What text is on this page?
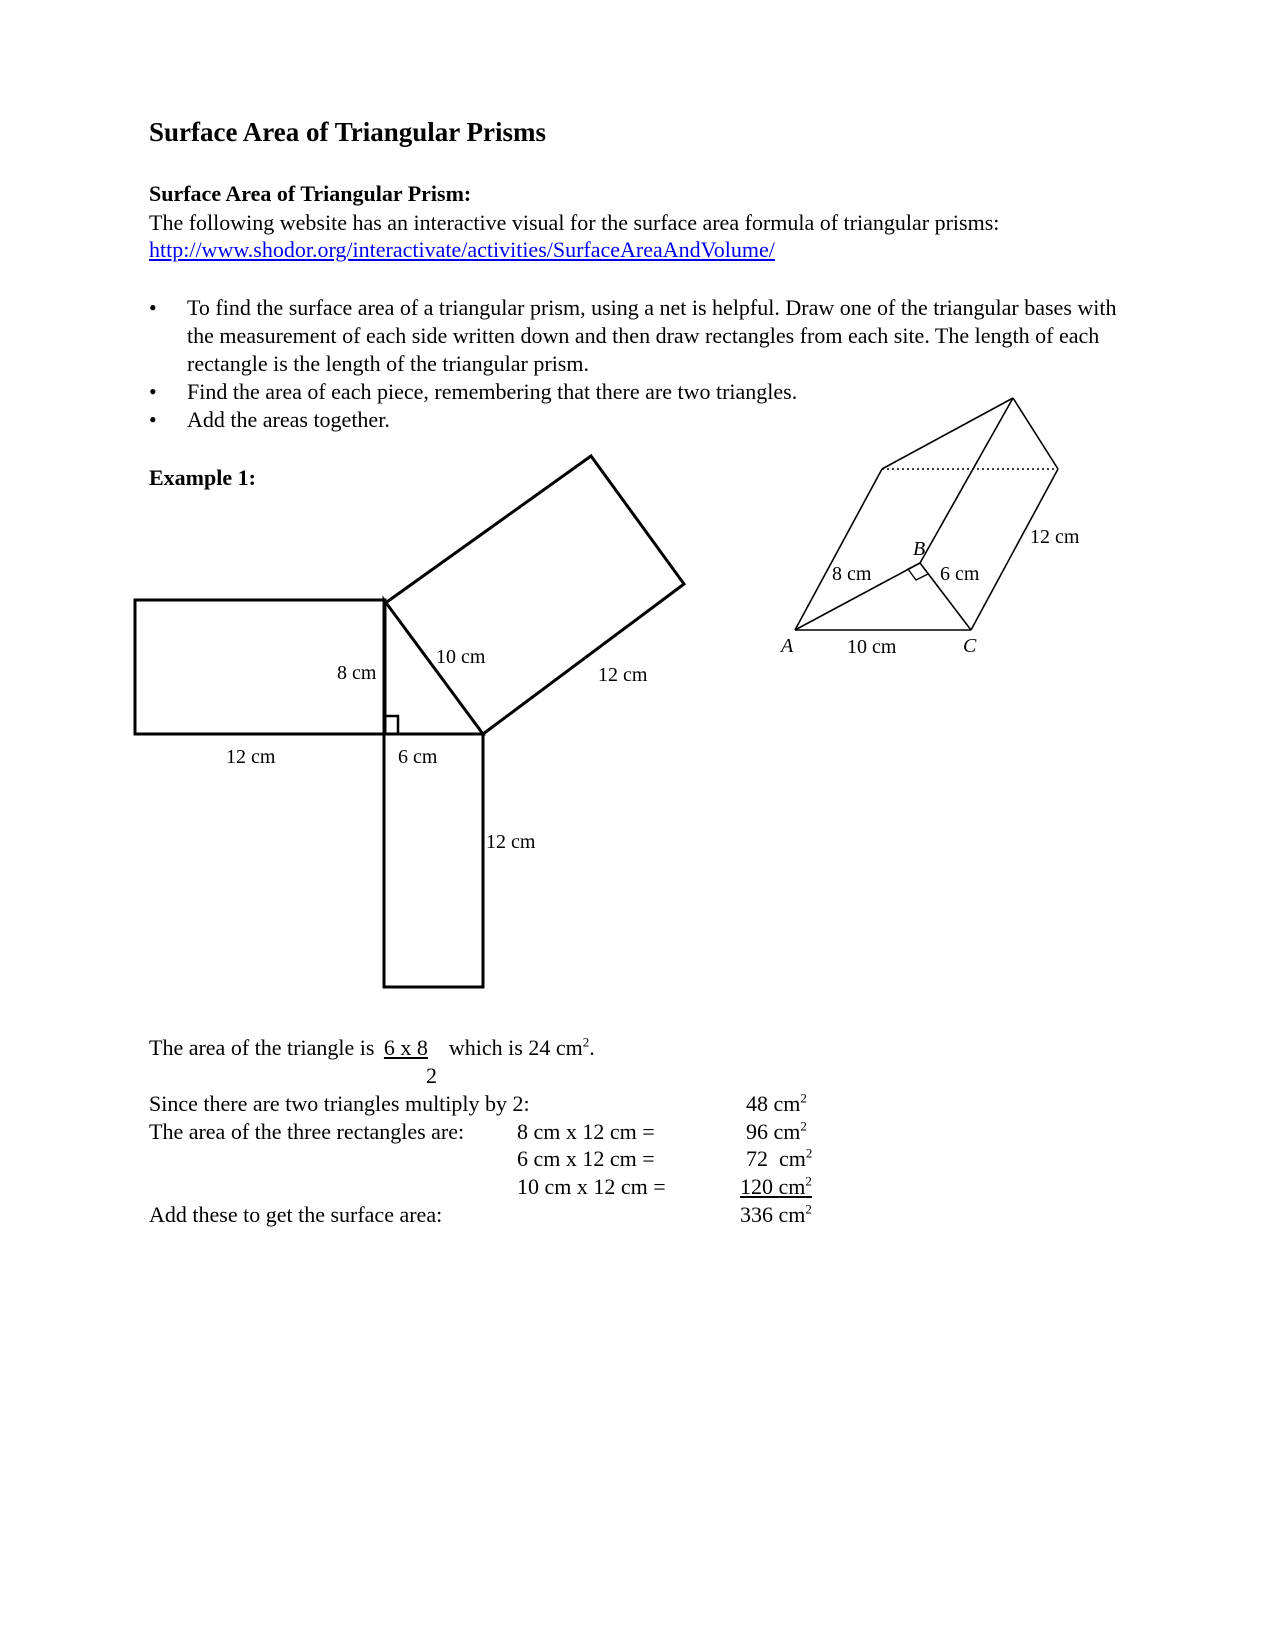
Surface Area of Triangular Prisms
Surface Area of Triangular Prism:
The following website has an interactive visual for the surface area formula of triangular prisms:
http://www.shodor.org/interactivate/activities/SurfaceAreaAndVolume/
• To find the surface area of a triangular prism, using a net is helpful. Draw one of the triangular bases with the measurement of each side written down and then draw rectangles from each site. The length of each rectangle is the length of the triangular prism.
• Find the area of each piece, remembering that there are two triangles.
• Add the areas together.
Example 1:
12 cm
8 cm
6 cm
10 cm
12 cm
12 cm
12 cm
8 cm	6 cm
10 cm
A
B
C
The area of the triangle is 6 x 8 which is 24 $cm^2$.
2
Since there are two triangles multiply by 2:	48 $cm^2$
The area of the three rectangles are: 8 cm x 12 cm =	96 $cm^2$
6 cm x 12 cm =	72  $cm^2$
10 cm x 12 cm =	120 $cm^2$
Add these to get the surface area:	336 $cm^2$
